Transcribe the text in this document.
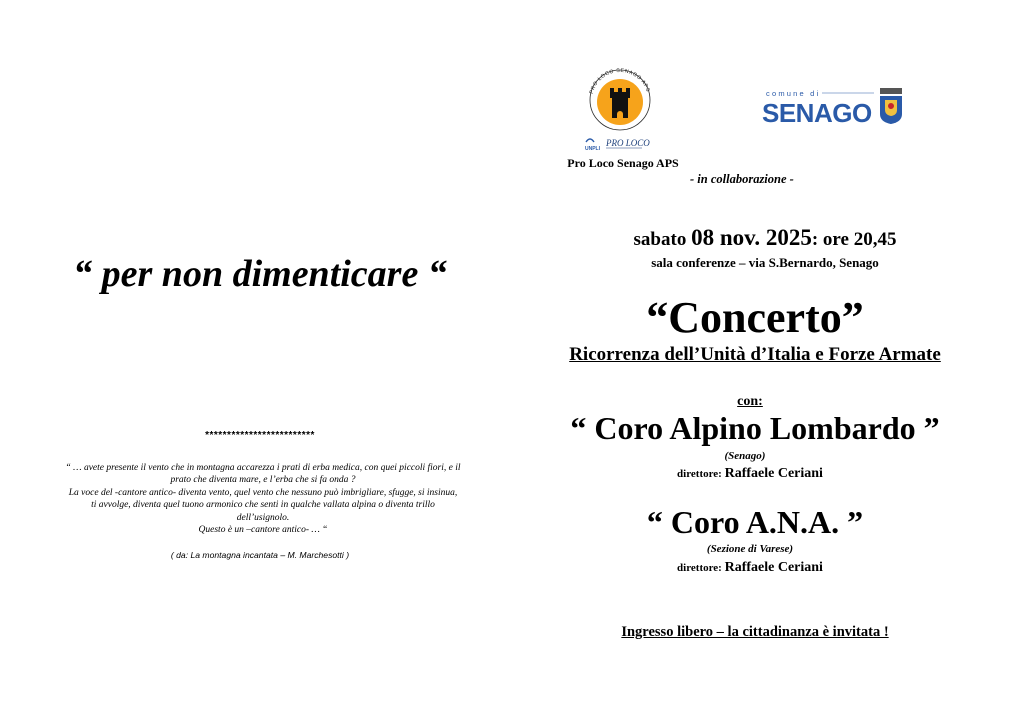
“ per non dimenticare “
*************************
“ … avete presente il vento che in montagna accarezza i prati di erba medica, con quei piccoli fiori, e il
prato che diventa mare, e l’erba che si fa onda ?
La voce del -cantore antico- diventa vento, quel vento che nessuno può imbrigliare, sfugge, si insinua,
ti avvolge, diventa quel tuono armonico che senti in qualche vallata alpina o diventa trillo
dell’usignolo.
Questo è un –cantore antico- … “
( da: La montagna incantata – M. Marchesotti )
PRO LOCO SENAGO APS
UNPLI
PRO LOCO
Pro Loco Senago APS
- in collaborazione -
comune di
SENAGO
sabato 08 nov. 2025: ore 20,45
sala conferenze – via S.Bernardo, Senago
“Concerto”
Ricorrenza dell’Unità d’Italia e Forze Armate
con:
“ Coro Alpino Lombardo ”
(Senago)
direttore: Raffaele Ceriani
“ Coro A.N.A. ”
(Sezione di Varese)
direttore: Raffaele Ceriani
Ingresso libero – la cittadinanza è invitata !
